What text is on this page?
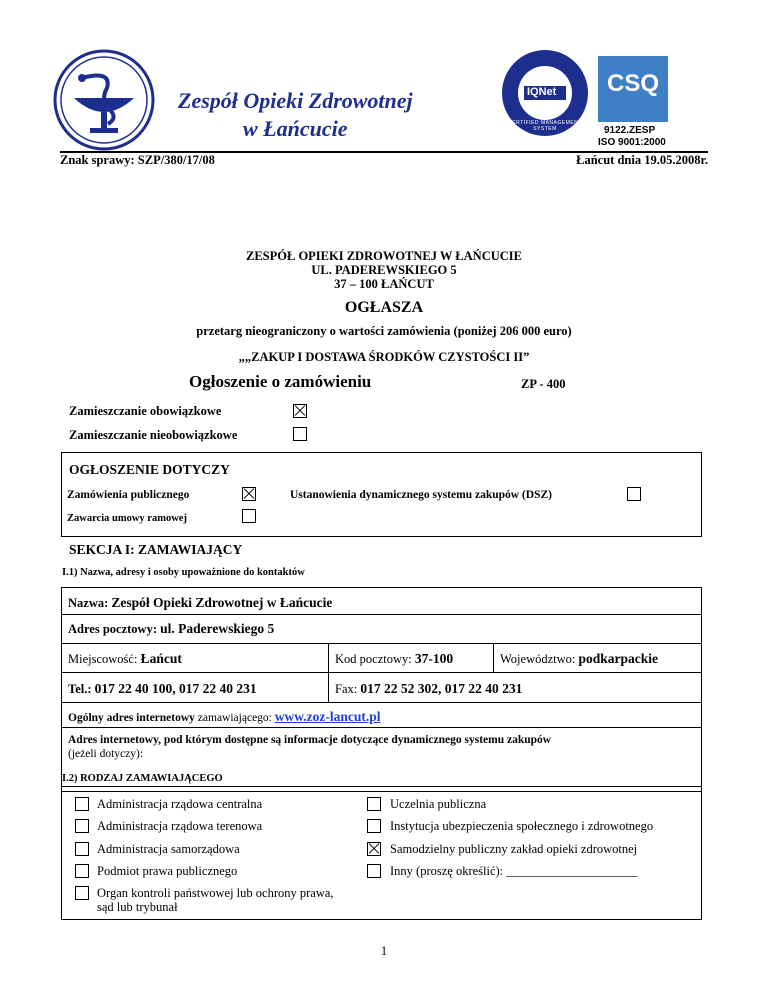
Zespół Opieki Zdrowotnej
w Łańcucie
IQNet
CERTIFIED MANAGEMENT SYSTEM
CSQ
9122.ZESP
ISO 9001:2000
Znak sprawy: SZP/380/17/08	Łańcut dnia 19.05.2008r.
ZESPÓŁ OPIEKI ZDROWOTNEJ W ŁAŃCUCIE
UL. PADEREWSKIEGO 5
37 – 100 ŁAŃCUT
OGŁASZA
przetarg nieograniczony o wartości zamówienia (poniżej 206 000 euro)
„„ZAKUP I DOSTAWA ŚRODKÓW CZYSTOŚCI II”
Ogłoszenie o zamówieniu	ZP - 400
Zamieszczanie obowiązkowe
Zamieszczanie nieobowiązkowe
OGŁOSZENIE DOTYCZY
Zamówienia publicznego	Ustanowienia dynamicznego systemu zakupów (DSZ)
Zawarcia umowy ramowej
SEKCJA I: ZAMAWIAJĄCY
I.1) Nazwa, adresy i osoby upoważnione do kontaktów
Nazwa: Zespół Opieki Zdrowotnej w Łańcucie
Adres pocztowy: ul. Paderewskiego 5
Miejscowość: Łańcut	Kod pocztowy: 37-100	Województwo: podkarpackie
Tel.: 017 22 40 100, 017 22 40 231	Fax: 017 22 52 302, 017 22 40 231
Ogólny adres internetowy zamawiającego: www.zoz-lancut.pl
Adres internetowy, pod którym dostępne są informacje dotyczące dynamicznego systemu zakupów
(jeżeli dotyczy):
I.2) RODZAJ ZAMAWIAJĄCEGO
Administracja rządowa centralna	Uczelnia publiczna
Administracja rządowa terenowa	Instytucja ubezpieczenia społecznego i zdrowotnego
Administracja samorządowa	Samodzielny publiczny zakład opieki zdrowotnej
Podmiot prawa publicznego	Inny (proszę określić): _____________________
Organ kontroli państwowej lub ochrony prawa,
sąd lub trybunał
1
